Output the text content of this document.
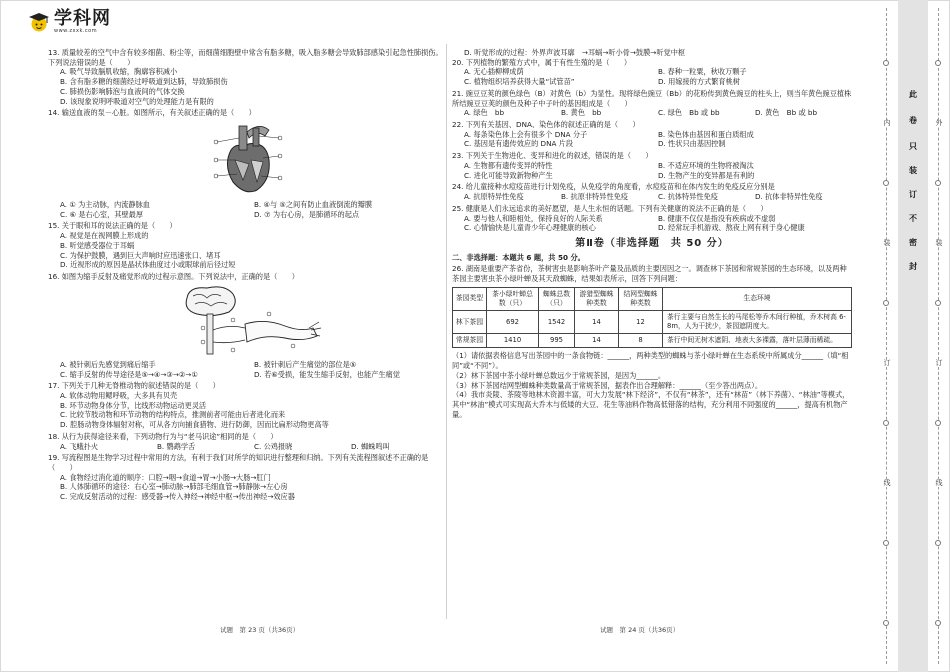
学科网
www.zxxk.com
13. 质量较差的空气中含有较多细菌、粉尘等，而细菌细胞壁中常含有脂多糖，吸入脂多糖会导致肺部感染引起急性肺损伤。下列说法错误的是（　　）
A. 吸气导致膈肌收缩，胸廓容积减小
B. 含有脂多糖的细菌经过呼吸道到达肺，导致肺损伤
C. 肺损伤影响肺泡与血液间的气体交换
D. 该现象说明呼吸道对空气的处理能力是有限的
14. 输送血液的泵－心脏。如图所示，有关叙述正确的是（　　）
A. ① 为主动脉，内流静脉血	B. ④与 ⑤之间有防止血液倒流的瓣膜
C. ⑥ 是右心室，其壁最厚	D. ⑦ 为右心房，是肺循环的起点
15. 关于眼和耳的说法正确的是（　　）
A. 视觉是在视网膜上形成的
B. 听觉感受器位于耳蜗
C. 为保护鼓膜，遇到巨大声响时应迅速张口、堵耳
D. 近视形成的原因是晶状体曲度过小或眼球前后径过短
16. 如图为缩手反射及痛觉形成的过程示意图。下列说法中，正确的是（　　）
A. 被针刺后先感觉到痛后缩手	B. 被针刺后产生痛觉的部位是⑤
C. 缩手反射的传导途径是⑤→④→③→②→①	D. 若⑥受损，能发生缩手反射，也能产生痛觉
17. 下列关于几种无脊椎动物的叙述错误的是（　　）
A. 软体动物用鳃呼吸，大多具有贝壳
B. 环节动物身体分节，比线形动物运动更灵活
C. 比较节肢动物和环节动物的结构特点，推测前者可能由后者进化而来
D. 腔肠动物身体辐射对称，可从各方向捕食猎物、进行防御，因而比扁形动物更高等
18. 从行为获得途径来看，下列动物行为与“老马识途”相同的是（　　）
A. 飞蛾扑火	B. 鹦鹉学舌	C. 公鸡报晓	D. 蜘蛛鸣叫
19. 写流程图是生物学习过程中常用的方法，有利于我们对所学的知识进行整理和归纳。下列有关流程图叙述不正确的是（　　）
A. 食物经过消化道的顺序：口腔→咽→食道→胃→小肠→大肠→肛门
B. 人体肺循环的途径：右心室→肺动脉→肺部毛细血管→肺静脉→左心房
C. 完成反射活动的过程：感受器→传入神经→神经中枢→传出神经→效应器
D. 听觉形成的过程：外界声波耳廓　→耳蜗→听小骨→鼓膜→听觉中枢
20. 下列植物的繁殖方式中，属于有性生殖的是（　　）
A. 无心插柳柳成荫	B. 春种一粒粟，秋收万颗子
C. 植物组织培养获得大量“试管苗”	D. 用嫁接的方式繁育桃树
21. 豌豆豆荚的颜色绿色（B）对黄色（b）为显性。现将绿色豌豆（Bb）的花粉传到黄色豌豆的柱头上，则当年黄色豌豆植株所结豌豆豆荚的颜色及种子中子叶的基因组成是（　　）
A. 绿色　bb	B. 黄色　bb	C. 绿色　Bb 或 bb	D. 黄色　Bb 或 bb
22. 下列有关基因、DNA、染色体的叙述正确的是（　　）
A. 每条染色体上会有很多个 DNA 分子	B. 染色体由基因和蛋白质组成
C. 基因是有遗传效应的 DNA 片段	D. 性状只由基因控制
23. 下列关于生物进化、变异和进化的叙述，错误的是（　　）
A. 生物都有遗传变异的特性	B. 不适应环境的生物将被淘汰
C. 进化可能导致新物种产生	D. 生物产生的变异都是有利的
24. 给儿童接种水痘疫苗进行计划免疫，从免疫学的角度看，水痘疫苗和在体内发生的免疫反应分别是
A. 抗原特异性免疫	B. 抗原非特异性免疫	C. 抗体特异性免疫	D. 抗体非特异性免疫
25. 健康是人们永远追求的美好愿望，是人生永恒的话题。下列有关健康的说法不正确的是（　　）
A. 要与他人和睦相处，保持良好的人际关系	B. 健康不仅仅是指没有疾病或不虚弱
C. 心情愉快是儿童青少年心理健康的核心	D. 经常玩手机游戏、熬夜上网有利于身心健康
第Ⅱ卷（非选择题　共 50 分）
二、非选择题：本题共 6 题，共 50 分。
26. 湖南是重要产茶省份，茶树害虫是影响茶叶产量及品质的主要因因之一。调查林下茶园和常规茶园的生态环境，以及两种茶园主要害虫茶小绿叶蝉及其天敌蜘蛛，结果如表所示，回答下列问题：
茶园类型	茶小绿叶蝉总数（只）	蜘蛛总数（只）	游猎型蜘蛛种类数	结网型蜘蛛种类数	生态环境
林下茶园	692	1542	14	12	茶行主要与自然生长的马尾松等乔木间行种植，乔木树高 6-8m，人为干扰少，茶园遮阴度大。
常规茶园	1410	995	14	8	茶行中间无树木遮阴、地表大多裸露，落叶层薄而稀疏。
（1）请依据表格信息写出茶园中的一条食物链：______，两种类型的蜘蛛与茶小绿叶蝉在生态系统中所属成分______（填“相同”或“不同”）。
（2）林下茶园中茶小绿叶蝉总数远少于常规茶园，是因为______。
（3）林下茶园结网型蜘蛛种类数量高于常规茶园，据表作出合理解释：______（至少答出两点）。
（4）我市炎陵、茶陵等地林木资源丰富，可大力发展“林下经济”，不仅有“林茶”，还有“林苗”（林下养菌）、“林油”等模式，其中“林油”模式可实现高大乔木与低矮的大豆、花生等油料作物高低错落的结构，充分利用不同强度的______，提高有机物产量。
试题　第 23 页（共36页）	试题　第 24 页（共36页）
此
卷
只
装
订
不
密
封
内
装
订
线
外
装
订
线
